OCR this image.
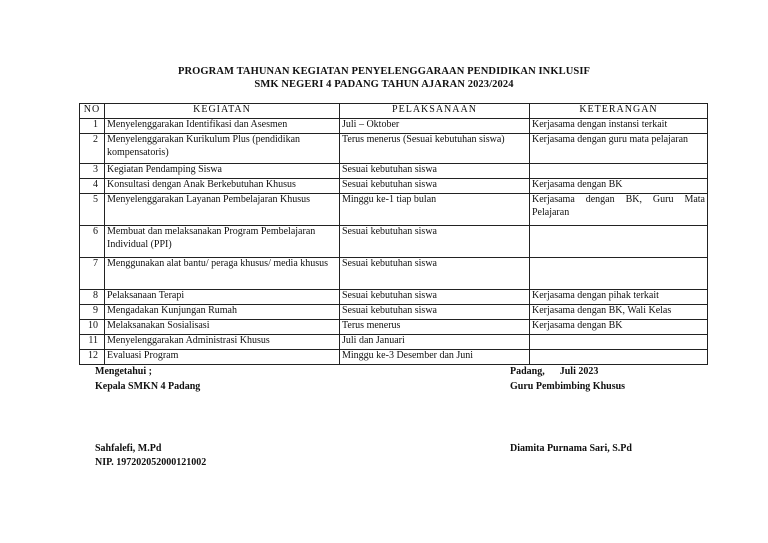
PROGRAM TAHUNAN KEGIATAN PENYELENGGARAAN PENDIDIKAN INKLUSIF
SMK NEGERI 4 PADANG TAHUN AJARAN 2023/2024
NO	KEGIATAN	PELAKSANAAN	KETERANGAN
1	Menyelenggarakan Identifikasi dan Asesmen	Juli – Oktober	Kerjasama dengan instansi terkait
2	Menyelenggarakan Kurikulum Plus (pendidikan kompensatoris)	Terus menerus (Sesuai kebutuhan siswa)	Kerjasama dengan guru mata pelajaran
3	Kegiatan Pendamping Siswa	Sesuai kebutuhan siswa	
4	Konsultasi dengan Anak Berkebutuhan Khusus	Sesuai kebutuhan siswa	Kerjasama dengan BK
5	Menyelenggarakan Layanan Pembelajaran Khusus	Minggu ke-1 tiap bulan	Kerjasama dengan BK, Guru Mata Pelajaran
6	Membuat dan melaksanakan Program Pembelajaran Individual (PPI)	Sesuai kebutuhan siswa	
7	Menggunakan alat bantu/ peraga khusus/ media khusus	Sesuai kebutuhan siswa	
8	Pelaksanaan Terapi	Sesuai kebutuhan siswa	Kerjasama dengan pihak terkait
9	Mengadakan Kunjungan Rumah	Sesuai kebutuhan siswa	Kerjasama dengan BK, Wali Kelas
10	Melaksanakan Sosialisasi	Terus menerus	Kerjasama dengan BK
11	Menyelenggarakan Administrasi Khusus	Juli dan Januari	
12	Evaluasi Program	Minggu ke-3 Desember dan Juni	
Mengetahui ;
Kepala SMKN 4 Padang
Sahfalefi, M.Pd
NIP. 197202052000121002
Padang,      Juli 2023
Guru Pembimbing Khusus
Diamita Purnama Sari, S.Pd
